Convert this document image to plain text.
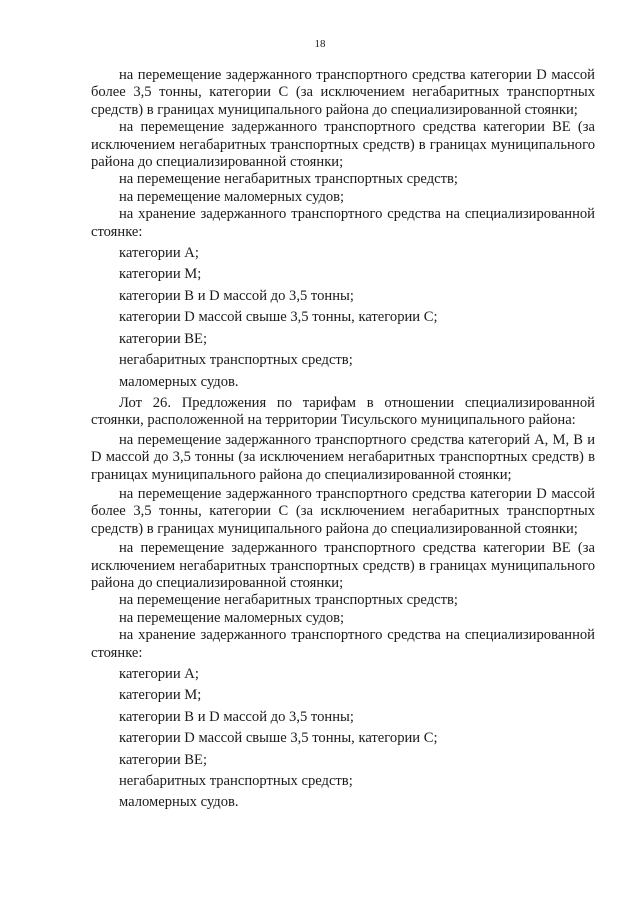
18

на перемещение задержанного транспортного средства категории D массой более 3,5 тонны, категории С (за исключением негабаритных транспортных средств) в границах муниципального района до специализированной стоянки;

на перемещение задержанного транспортного средства категории ВЕ (за исключением негабаритных транспортных средств) в границах муниципального района до специализированной стоянки;

на перемещение негабаритных транспортных средств;

на перемещение маломерных судов;

на хранение задержанного транспортного средства на специализированной стоянке:

категории А;

категории М;

категории В и D массой до 3,5 тонны;

категории D массой свыше 3,5 тонны, категории С;

категории ВЕ;

негабаритных транспортных средств;

маломерных судов.

Лот 26. Предложения по тарифам в отношении специализированной стоянки, расположенной на территории Тисульского муниципального района:

на перемещение задержанного транспортного средства категорий А, М, В и D массой до 3,5 тонны (за исключением негабаритных транспортных средств) в границах муниципального района до специализированной стоянки;

на перемещение задержанного транспортного средства категории D массой более 3,5 тонны, категории С (за исключением негабаритных транспортных средств) в границах муниципального района до специализированной стоянки;

на перемещение задержанного транспортного средства категории ВЕ (за исключением негабаритных транспортных средств) в границах муниципального района до специализированной стоянки;

на перемещение негабаритных транспортных средств;

на перемещение маломерных судов;

на хранение задержанного транспортного средства на специализированной стоянке:

категории А;

категории М;

категории В и D массой до 3,5 тонны;

категории D массой свыше 3,5 тонны, категории С;

категории ВЕ;

негабаритных транспортных средств;

маломерных судов.
